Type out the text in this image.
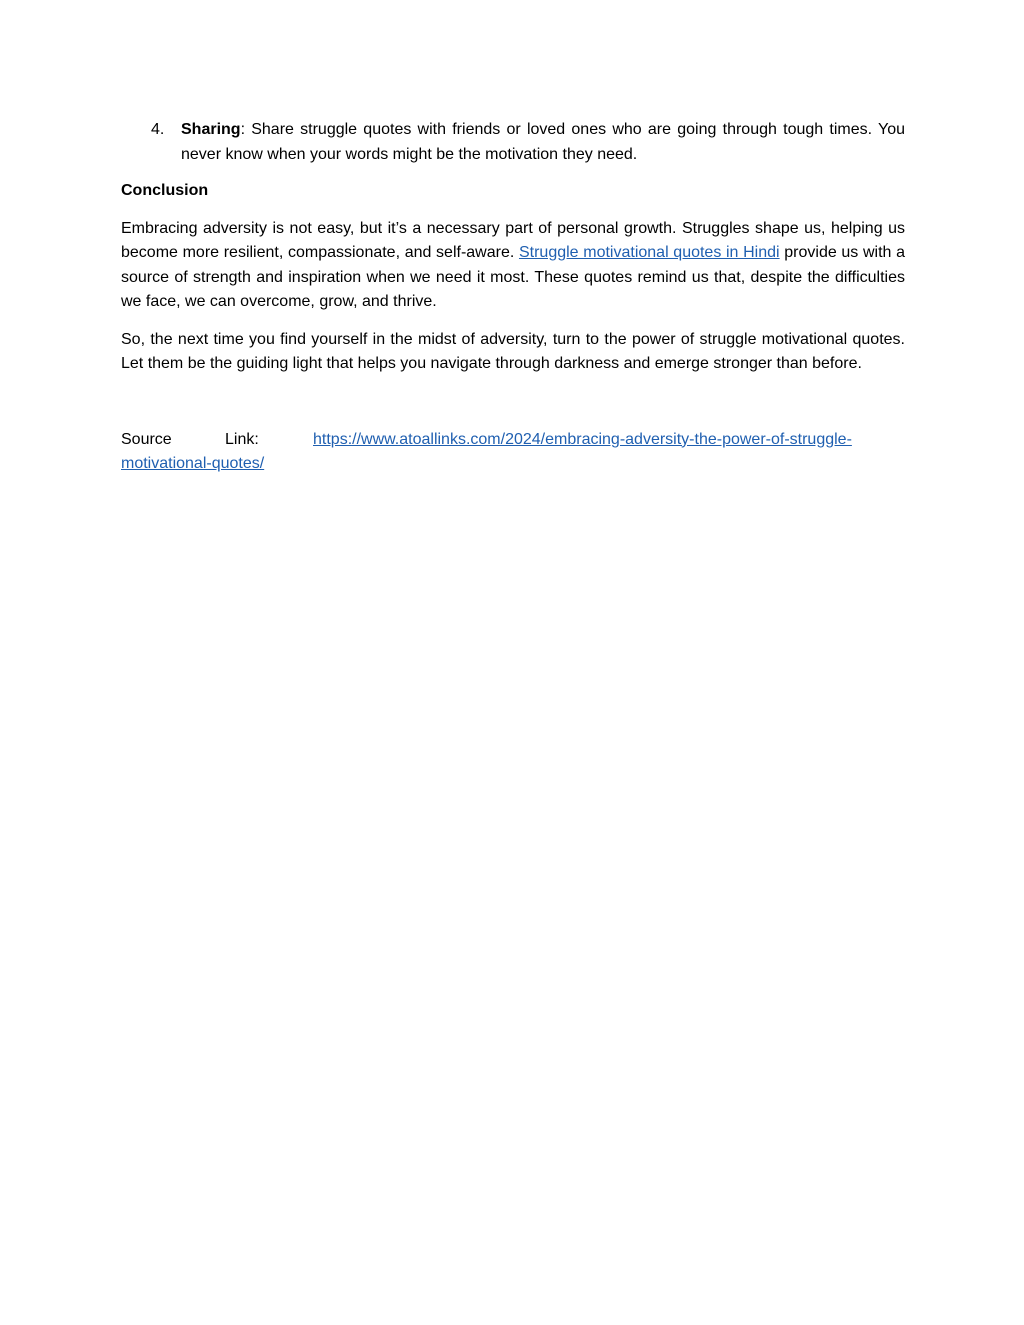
4.	Sharing: Share struggle quotes with friends or loved ones who are going through tough times. You never know when your words might be the motivation they need.
Conclusion

Embracing adversity is not easy, but it’s a necessary part of personal growth. Struggles shape us, helping us become more resilient, compassionate, and self-aware. Struggle motivational quotes in Hindi provide us with a source of strength and inspiration when we need it most. These quotes remind us that, despite the difficulties we face, we can overcome, grow, and thrive.

So, the next time you find yourself in the midst of adversity, turn to the power of struggle motivational quotes. Let them be the guiding light that helps you navigate through darkness and emerge stronger than before.

Source	Link:	https://www.atoallinks.com/2024/embracing-adversity-the-power-of-struggle-motivational-quotes/
